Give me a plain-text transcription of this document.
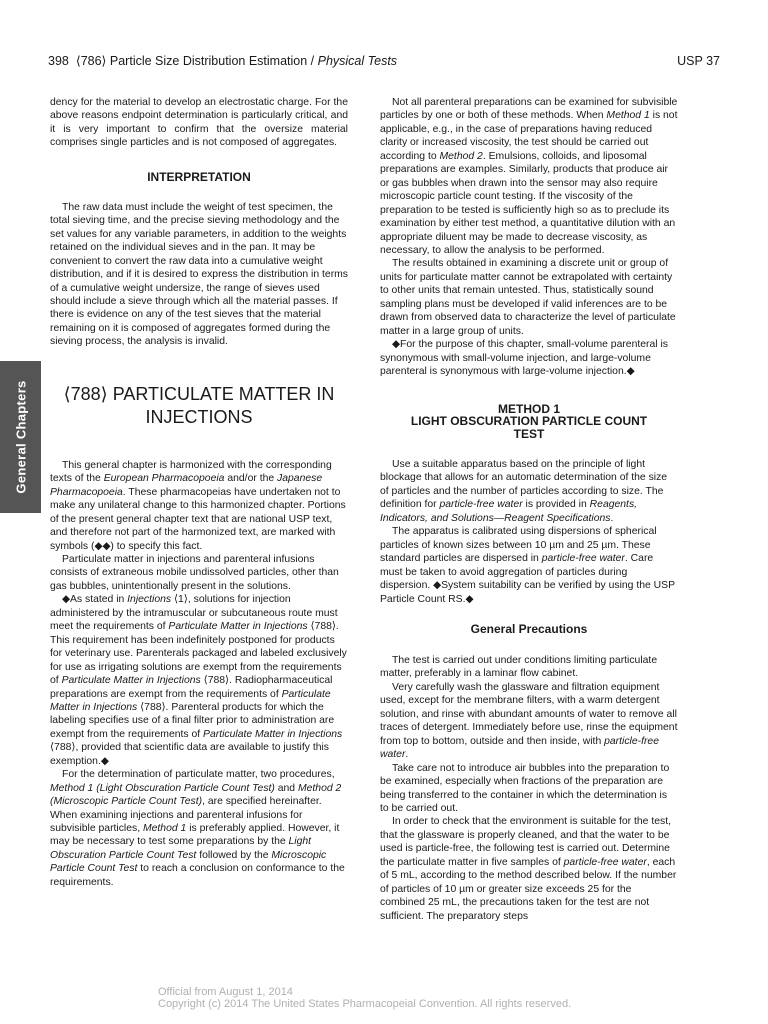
398 ⟨786⟩ Particle Size Distribution Estimation / Physical Tests	USP 37
General Chapters

dency for the material to develop an electrostatic charge. For the above reasons endpoint determination is particularly critical, and it is very important to confirm that the oversize material comprises single particles and is not composed of aggregates.

INTERPRETATION

The raw data must include the weight of test specimen, the total sieving time, and the precise sieving methodology and the set values for any variable parameters, in addition to the weights retained on the individual sieves and in the pan. It may be convenient to convert the raw data into a cumulative weight distribution, and if it is desired to express the distribution in terms of a cumulative weight undersize, the range of sieves used should include a sieve through which all the material passes. If there is evidence on any of the test sieves that the material remaining on it is composed of aggregates formed during the sieving process, the analysis is invalid.

⟨788⟩ PARTICULATE MATTER IN
INJECTIONS

This general chapter is harmonized with the corresponding texts of the European Pharmacopoeia and/or the Japanese Pharmacopoeia. These pharmacopeias have undertaken not to make any unilateral change to this harmonized chapter. Portions of the present general chapter text that are national USP text, and therefore not part of the harmonized text, are marked with symbols (◆◆) to specify this fact.

Particulate matter in injections and parenteral infusions consists of extraneous mobile undissolved particles, other than gas bubbles, unintentionally present in the solutions.

◆As stated in Injections ⟨1⟩, solutions for injection administered by the intramuscular or subcutaneous route must meet the requirements of Particulate Matter in Injections ⟨788⟩. This requirement has been indefinitely postponed for products for veterinary use. Parenterals packaged and labeled exclusively for use as irrigating solutions are exempt from the requirements of Particulate Matter in Injections ⟨788⟩. Radiopharmaceutical preparations are exempt from the requirements of Particulate Matter in Injections ⟨788⟩. Parenteral products for which the labeling specifies use of a final filter prior to administration are exempt from the requirements of Particulate Matter in Injections ⟨788⟩, provided that scientific data are available to justify this exemption.◆

For the determination of particulate matter, two procedures, Method 1 (Light Obscuration Particle Count Test) and Method 2 (Microscopic Particle Count Test), are specified hereinafter. When examining injections and parenteral infusions for subvisible particles, Method 1 is preferably applied. However, it may be necessary to test some preparations by the Light Obscuration Particle Count Test followed by the Microscopic Particle Count Test to reach a conclusion on conformance to the requirements.

Not all parenteral preparations can be examined for subvisible particles by one or both of these methods. When Method 1 is not applicable, e.g., in the case of preparations having reduced clarity or increased viscosity, the test should be carried out according to Method 2. Emulsions, colloids, and liposomal preparations are examples. Similarly, products that produce air or gas bubbles when drawn into the sensor may also require microscopic particle count testing. If the viscosity of the preparation to be tested is sufficiently high so as to preclude its examination by either test method, a quantitative dilution with an appropriate diluent may be made to decrease viscosity, as necessary, to allow the analysis to be performed.

The results obtained in examining a discrete unit or group of units for particulate matter cannot be extrapolated with certainty to other units that remain untested. Thus, statistically sound sampling plans must be developed if valid inferences are to be drawn from observed data to characterize the level of particulate matter in a large group of units.

◆For the purpose of this chapter, small-volume parenteral is synonymous with small-volume injection, and large-volume parenteral is synonymous with large-volume injection.◆

METHOD 1
LIGHT OBSCURATION PARTICLE COUNT
TEST

Use a suitable apparatus based on the principle of light blockage that allows for an automatic determination of the size of particles and the number of particles according to size. The definition for particle-free water is provided in Reagents, Indicators, and Solutions—Reagent Specifications.

The apparatus is calibrated using dispersions of spherical particles of known sizes between 10 µm and 25 µm. These standard particles are dispersed in particle-free water. Care must be taken to avoid aggregation of particles during dispersion. ◆System suitability can be verified by using the USP Particle Count RS.◆

General Precautions

The test is carried out under conditions limiting particulate matter, preferably in a laminar flow cabinet.

Very carefully wash the glassware and filtration equipment used, except for the membrane filters, with a warm detergent solution, and rinse with abundant amounts of water to remove all traces of detergent. Immediately before use, rinse the equipment from top to bottom, outside and then inside, with particle-free water.

Take care not to introduce air bubbles into the preparation to be examined, especially when fractions of the preparation are being transferred to the container in which the determination is to be carried out.

In order to check that the environment is suitable for the test, that the glassware is properly cleaned, and that the water to be used is particle-free, the following test is carried out. Determine the particulate matter in five samples of particle-free water, each of 5 mL, according to the method described below. If the number of particles of 10 µm or greater size exceeds 25 for the combined 25 mL, the precautions taken for the test are not sufficient. The preparatory steps

Official from August 1, 2014
Copyright (c) 2014 The United States Pharmacopeial Convention. All rights reserved.
